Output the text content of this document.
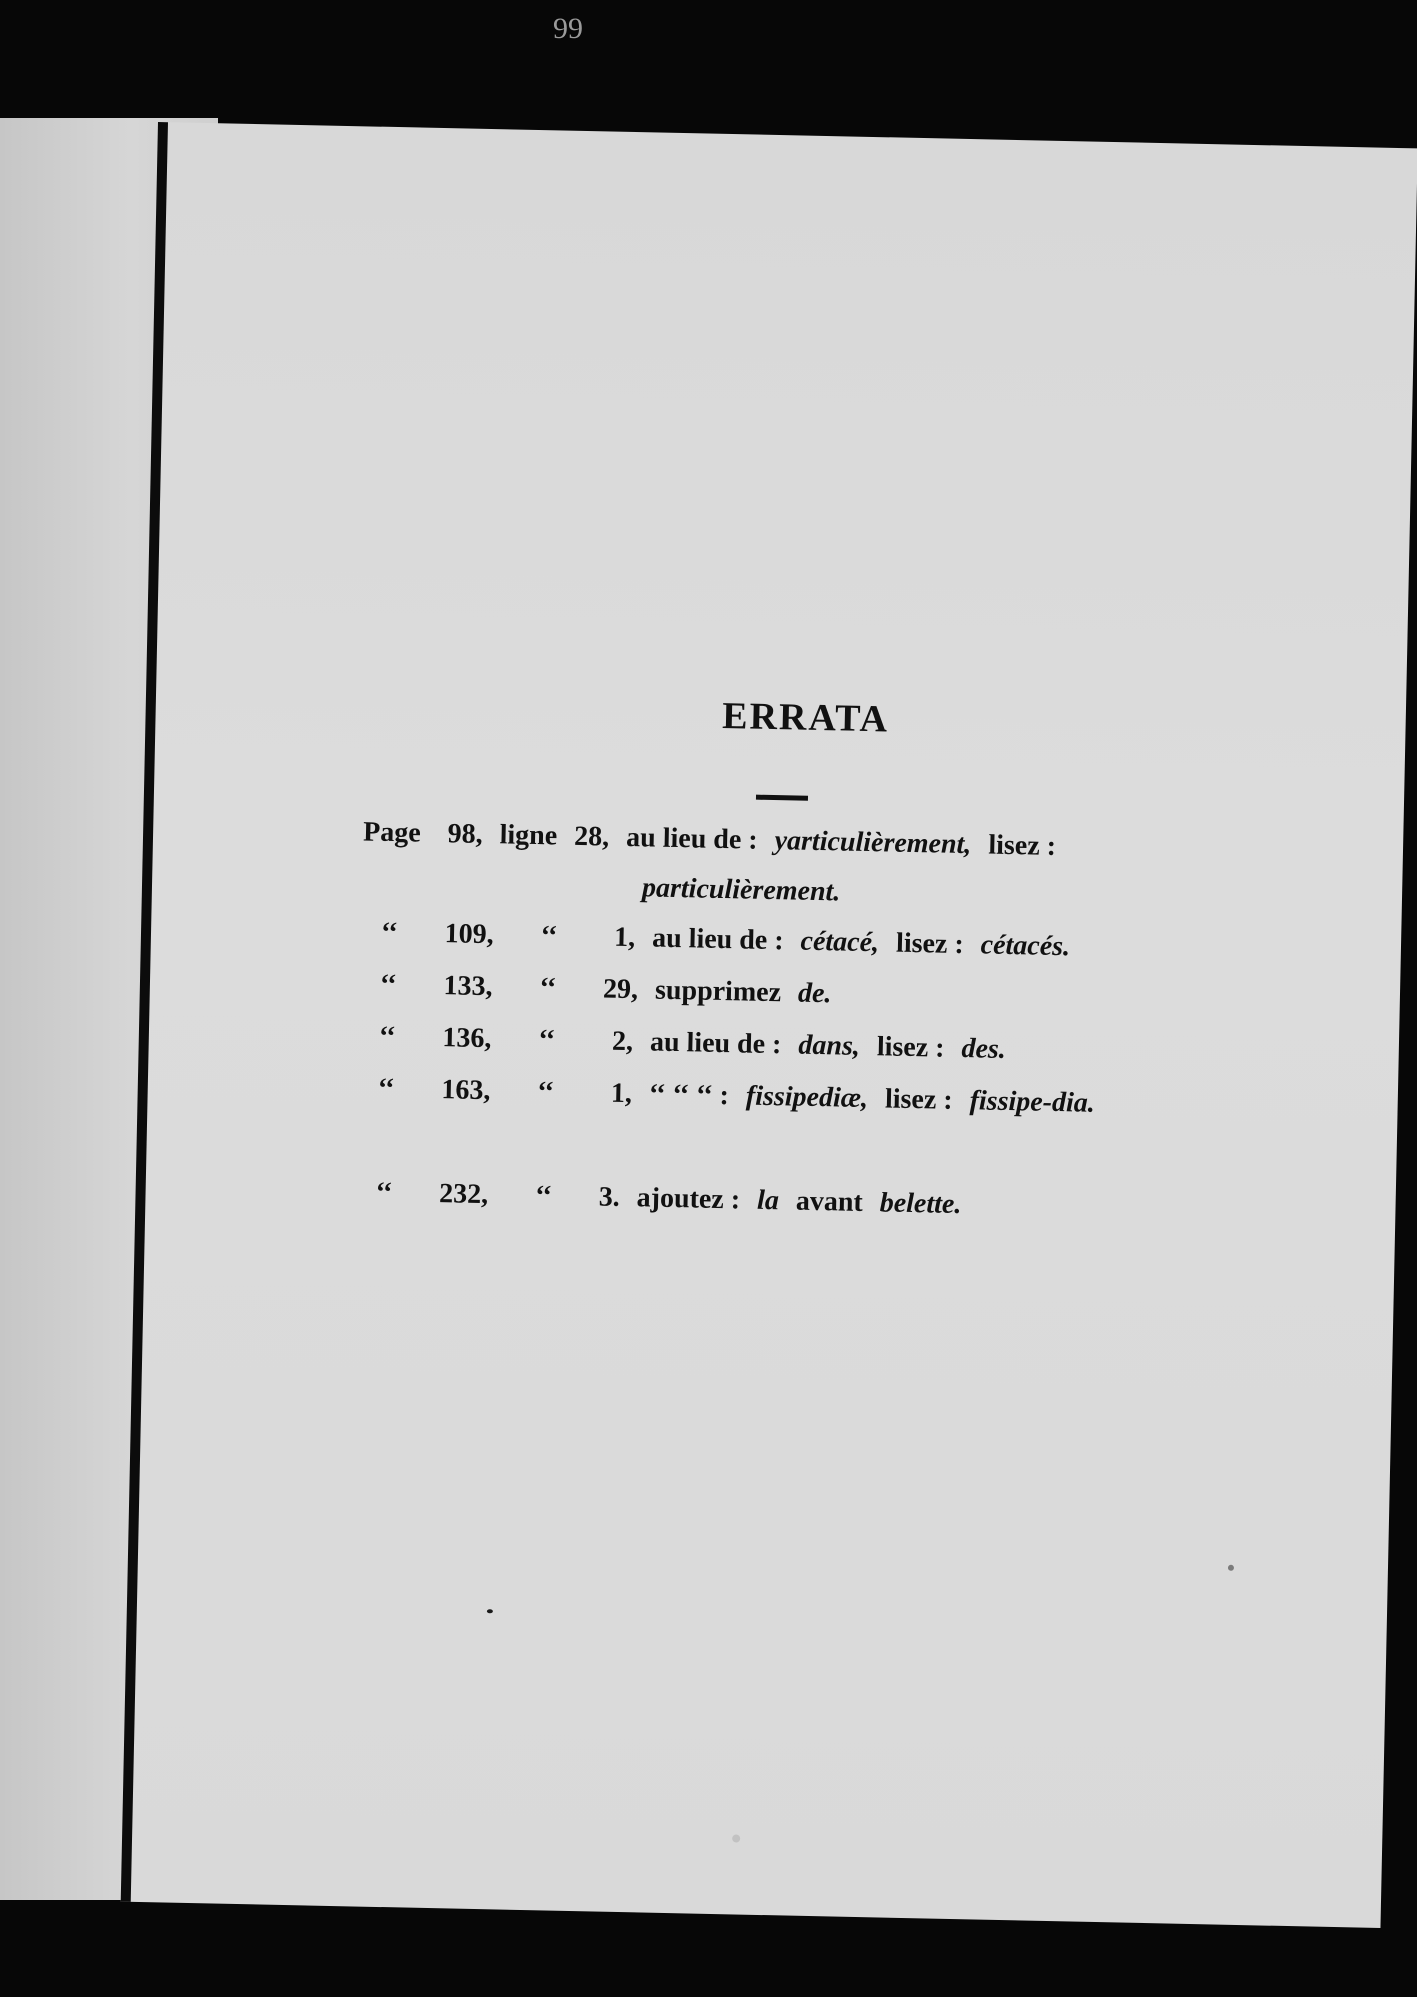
99
ERRATA
Page 98, ligne 28, au lieu de : yarticulièrement, lisez :
particulièrement.
‘‘ 109, ‘‘ 1, au lieu de : cétacé, lisez : cétacés.
‘‘ 133, ‘‘ 29, supprimez de.
‘‘ 136, ‘‘ 2, au lieu de : dans, lisez : des.
‘‘ 163, ‘‘ 1, ‘‘ ‘‘ ‘‘ : fissipediæ, lisez : fissipe-dia.
‘‘ 232, ‘‘ 3. ajoutez : la avant belette.
